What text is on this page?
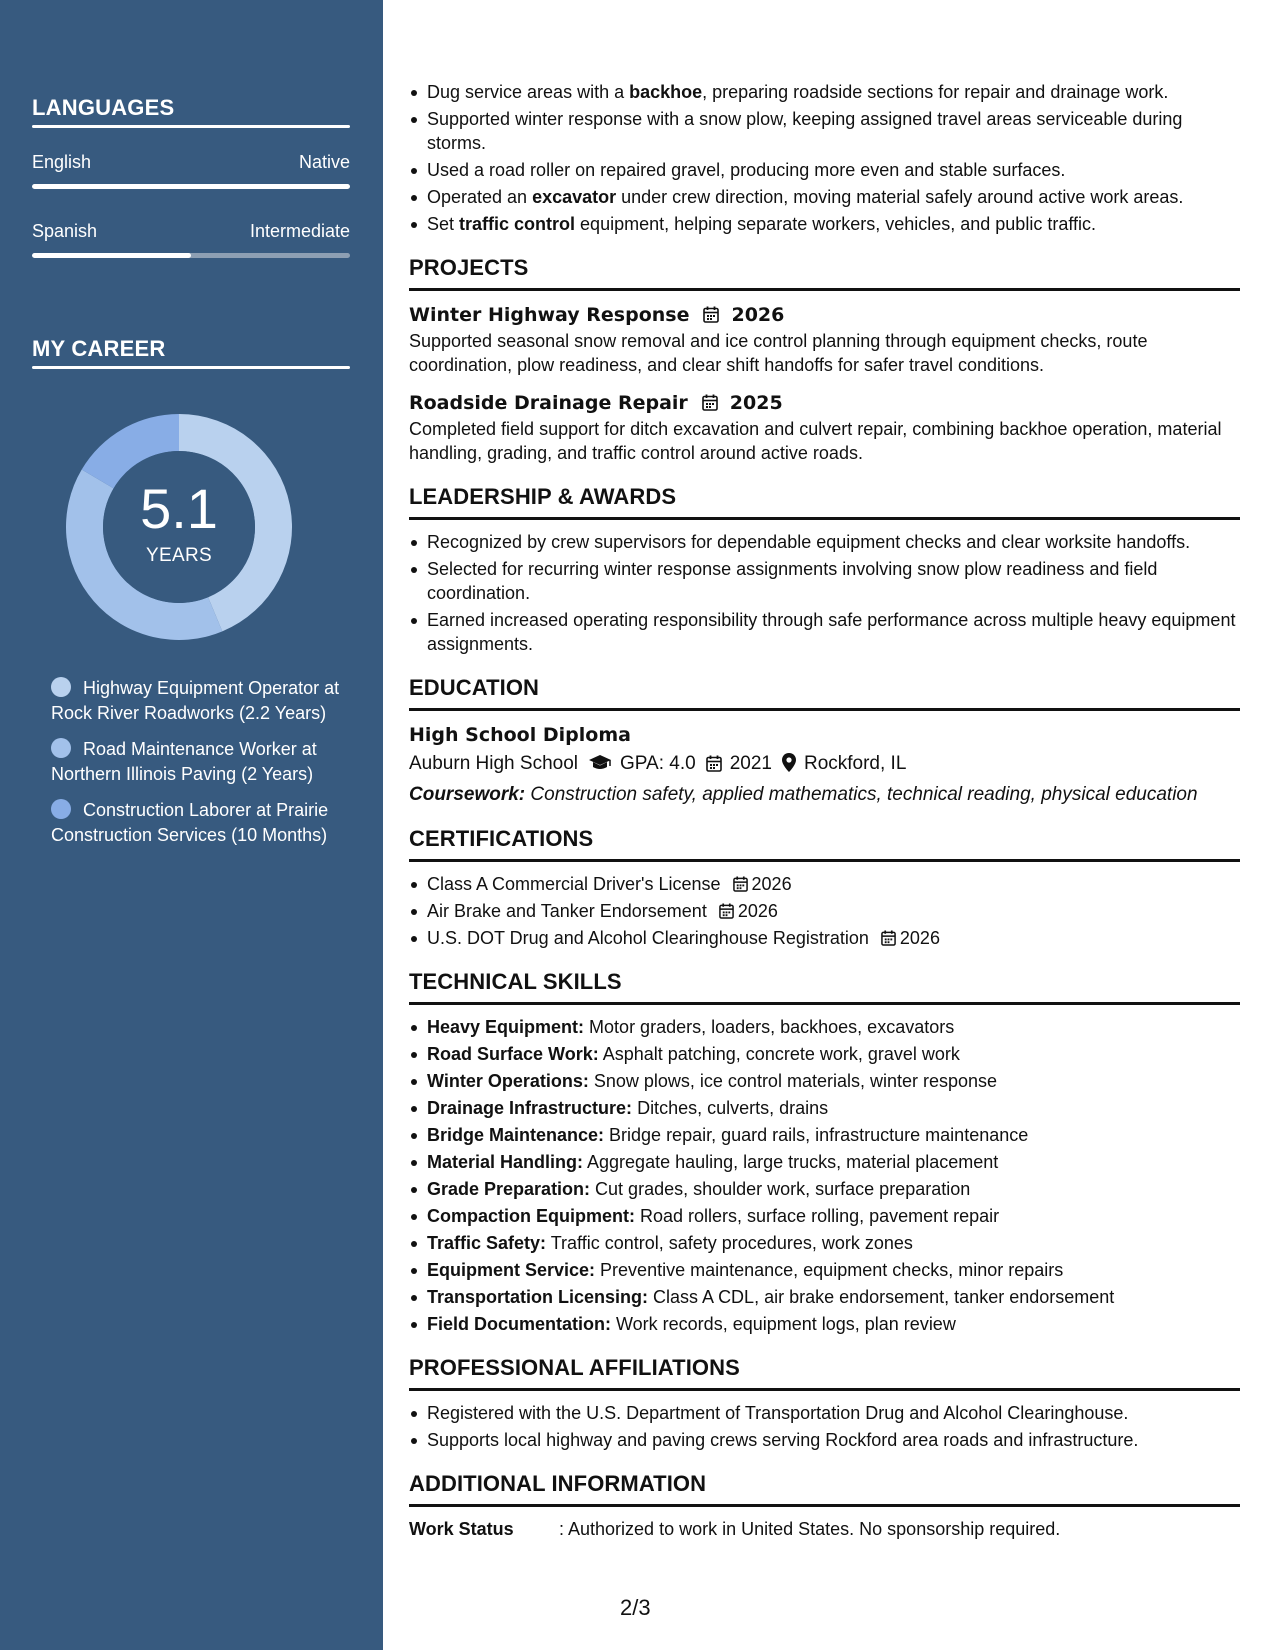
LANGUAGES
English	Native
Spanish	Intermediate
MY CAREER
5.1
YEARS
Highway Equipment Operator at Rock River Roadworks (2.2 Years)
Road Maintenance Worker at Northern Illinois Paving (2 Years)
Construction Laborer at Prairie Construction Services (10 Months)
Dug service areas with a backhoe, preparing roadside sections for repair and drainage work.
Supported winter response with a snow plow, keeping assigned travel areas serviceable during storms.
Used a road roller on repaired gravel, producing more even and stable surfaces.
Operated an excavator under crew direction, moving material safely around active work areas.
Set traffic control equipment, helping separate workers, vehicles, and public traffic.
PROJECTS
Winter Highway Response 2026
Supported seasonal snow removal and ice control planning through equipment checks, route coordination, plow readiness, and clear shift handoffs for safer travel conditions.
Roadside Drainage Repair 2025
Completed field support for ditch excavation and culvert repair, combining backhoe operation, material handling, grading, and traffic control around active roads.
LEADERSHIP & AWARDS
Recognized by crew supervisors for dependable equipment checks and clear worksite handoffs.
Selected for recurring winter response assignments involving snow plow readiness and field coordination.
Earned increased operating responsibility through safe performance across multiple heavy equipment assignments.
EDUCATION
High School Diploma
Auburn High School GPA: 4.0 2021 Rockford, IL
Coursework: Construction safety, applied mathematics, technical reading, physical education
CERTIFICATIONS
Class A Commercial Driver's License 2026
Air Brake and Tanker Endorsement 2026
U.S. DOT Drug and Alcohol Clearinghouse Registration 2026
TECHNICAL SKILLS
Heavy Equipment: Motor graders, loaders, backhoes, excavators
Road Surface Work: Asphalt patching, concrete work, gravel work
Winter Operations: Snow plows, ice control materials, winter response
Drainage Infrastructure: Ditches, culverts, drains
Bridge Maintenance: Bridge repair, guard rails, infrastructure maintenance
Material Handling: Aggregate hauling, large trucks, material placement
Grade Preparation: Cut grades, shoulder work, surface preparation
Compaction Equipment: Road rollers, surface rolling, pavement repair
Traffic Safety: Traffic control, safety procedures, work zones
Equipment Service: Preventive maintenance, equipment checks, minor repairs
Transportation Licensing: Class A CDL, air brake endorsement, tanker endorsement
Field Documentation: Work records, equipment logs, plan review
PROFESSIONAL AFFILIATIONS
Registered with the U.S. Department of Transportation Drug and Alcohol Clearinghouse.
Supports local highway and paving crews serving Rockford area roads and infrastructure.
ADDITIONAL INFORMATION
Work Status	: Authorized to work in United States. No sponsorship required.
2/3
